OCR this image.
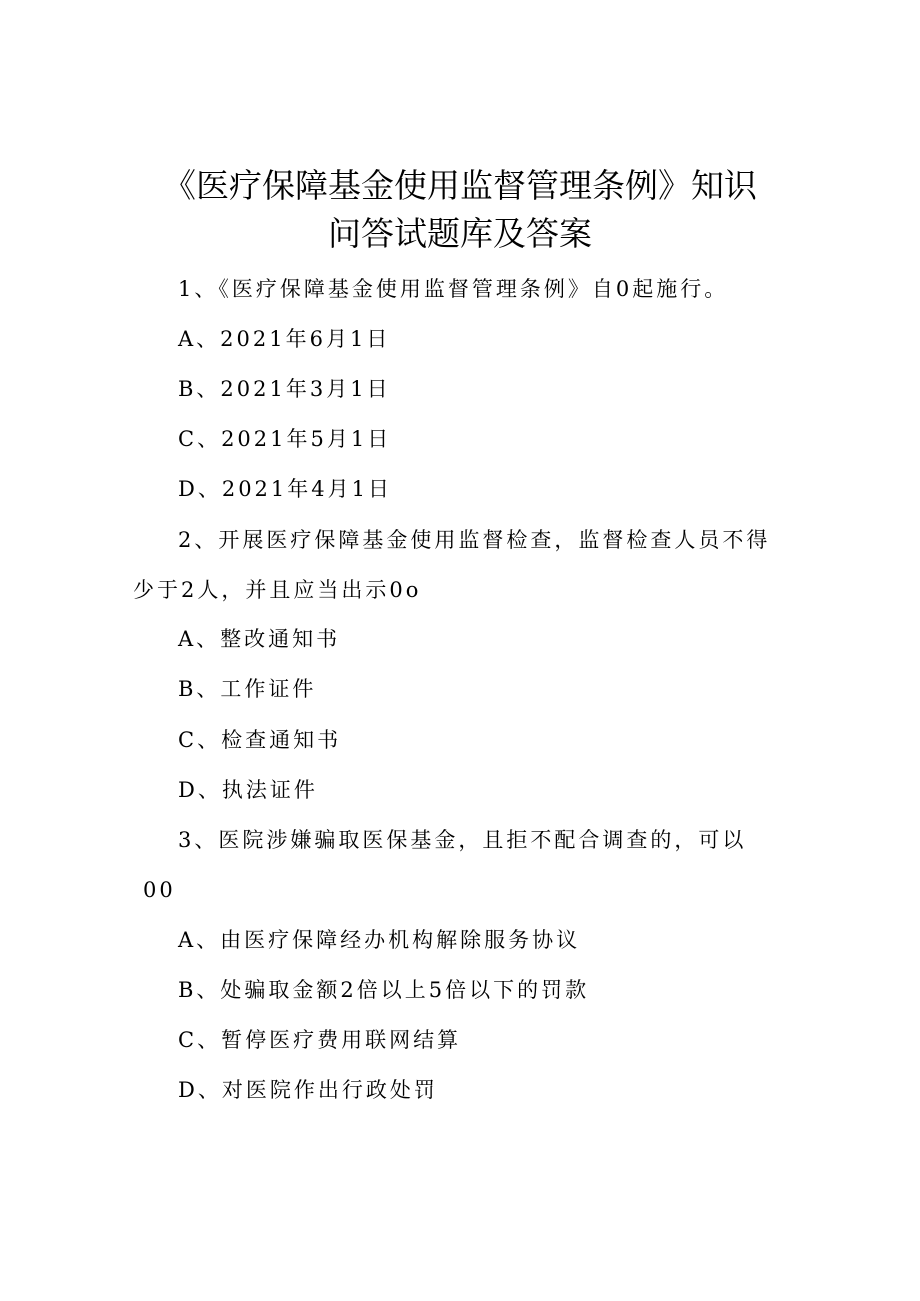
《医疗保障基金使用监督管理条例》知识
问答试题库及答案
1、《医疗保障基金使用监督管理条例》自0起施行。
A、2021年6月1日
B、2021年3月1日
C、2021年5月1日
D、2021年4月1日
2、开展医疗保障基金使用监督检查，监督检查人员不得
少于2人，并且应当出示0o
A、整改通知书
B、工作证件
C、检查通知书
D、执法证件
3、医院涉嫌骗取医保基金，且拒不配合调查的，可以
00
A、由医疗保障经办机构解除服务协议
B、处骗取金额2倍以上5倍以下的罚款
C、暂停医疗费用联网结算
D、对医院作出行政处罚
